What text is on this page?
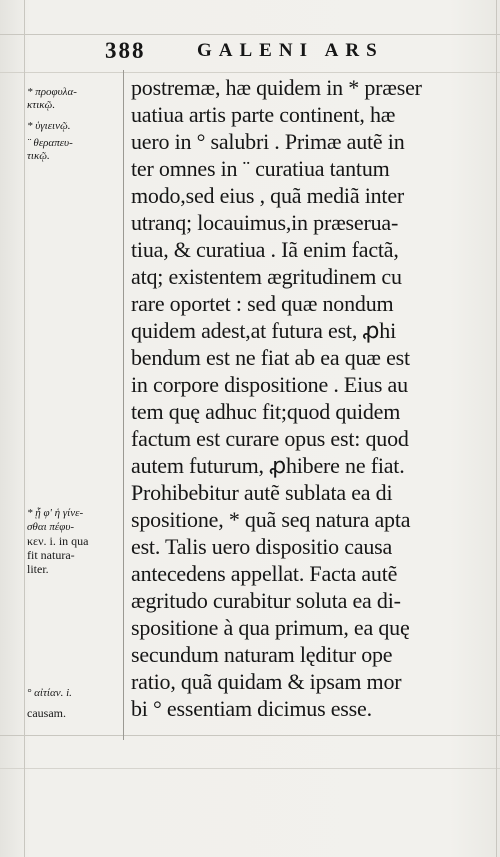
388	GALENI ARS
postremæ, hæ quidem in * præser
uatiua artis parte continent, hæ
uero in ° salubri . Primæ autẽ in
ter omnes in ¨ curatiua tantum
modo,sed eius , quã mediã inter
utranq; locauimus,in præserua-
tiua, & curatiua . Iã enim factã,
atq; existentem ægritudinem cu
rare oportet : sed quæ nondum
quidem adest,at futura est, ꝓhi
bendum est ne fiat ab ea quæ est
in corpore dispositione . Eius au
tem quę adhuc fit;quod quidem
factum est curare opus est: quod
autem futurum, ꝓhibere ne fiat.
Prohibebitur autẽ sublata ea di
spositione, * quã seq natura apta
est. Talis uero dispositio causa
antecedens appellat. Facta autẽ
ægritudo curabitur soluta ea di-
spositione à qua primum, ea quę
secundum naturam lęditur ope
ratio, quã quidam & ipsam mor
bi ° essentiam dicimus esse.
* προφυλα-
κτικῷ.
* ὑγιεινῷ.
¨ θεραπευ-
τικῷ.
* ᾗ φ' ἡ γίνε-
σθαι πέφυ-
κεν. i. in qua
fit natura-
liter.
° αἰτίαν. i.
causam.
